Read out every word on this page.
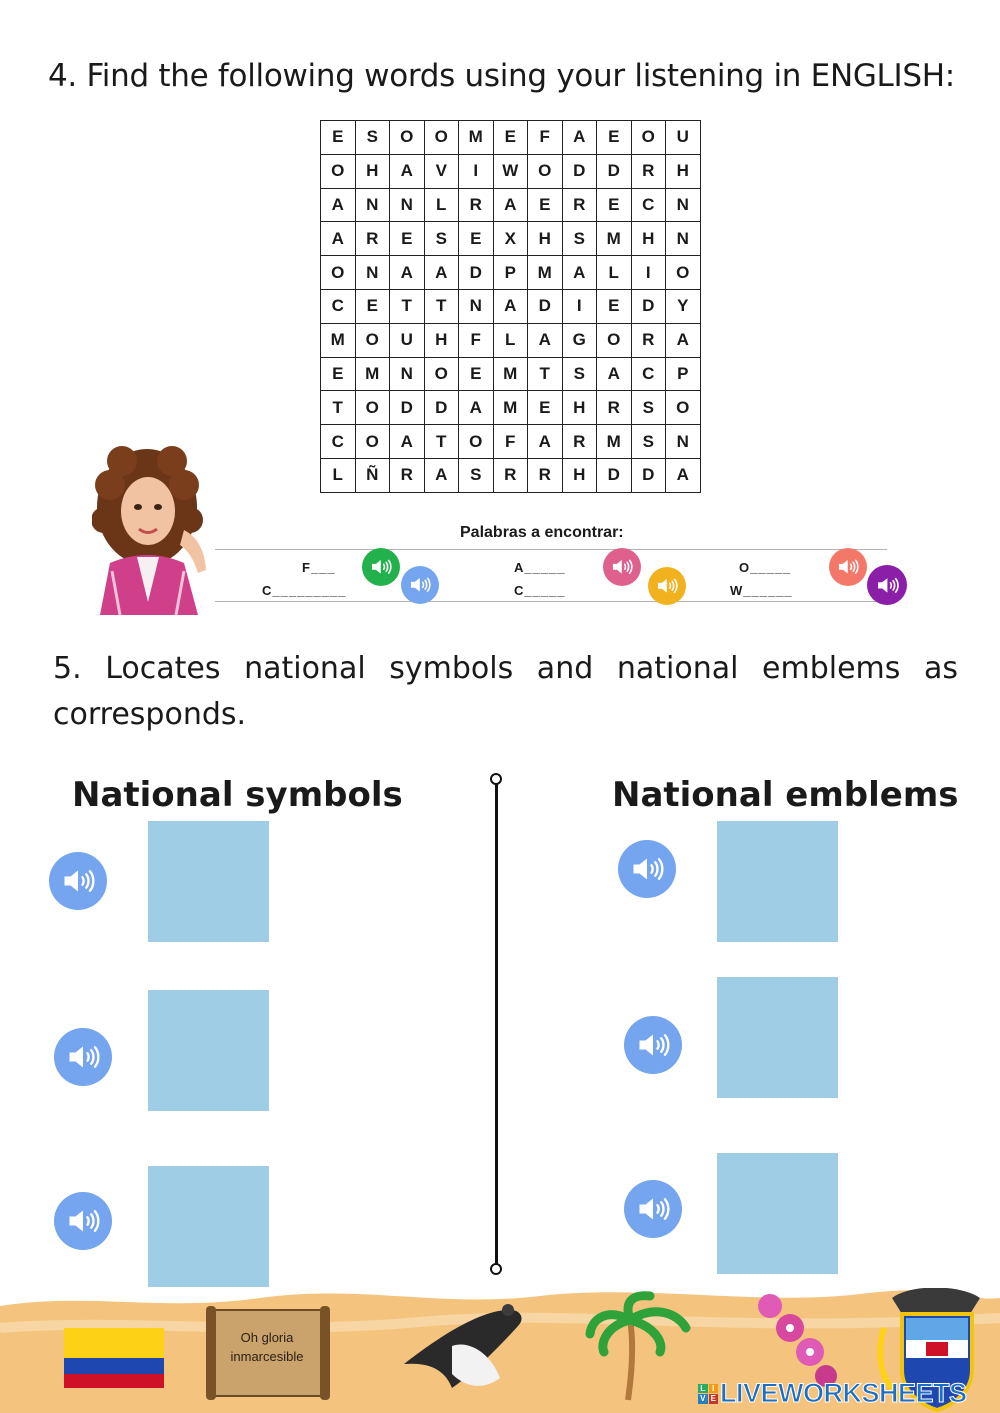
4. Find the following words using your listening in ENGLISH:
E	S	O	O	M	E	F	A	E	O	U
O	H	A	V	I	W	O	D	D	R	H
A	N	N	L	R	A	E	R	E	C	N
A	R	E	S	E	X	H	S	M	H	N
O	N	A	A	D	P	M	A	L	I	O
C	E	T	T	N	A	D	I	E	D	Y
M	O	U	H	F	L	A	G	O	R	A
E	M	N	O	E	M	T	S	A	C	P
T	O	D	D	A	M	E	H	R	S	O
C	O	A	T	O	F	A	R	M	S	N
L	Ñ	R	A	S	R	R	H	D	D	A
Palabras a encontrar:
F___
C_________
A_____
C_____
O_____
W______
5. Locates national symbols and national emblems as corresponds.
National symbols	National emblems
Oh gloria inmarcesible
L I
V E LIVEWORKSHEETS
